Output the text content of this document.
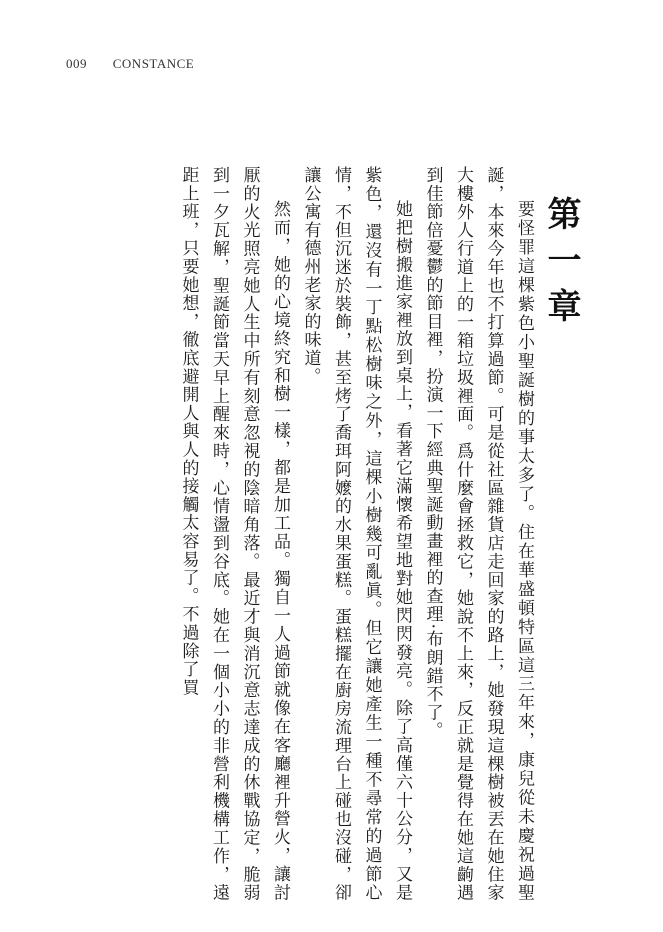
009 CONSTANCE
第一章

要怪罪這棵紫色小聖誕樹的事太多了。住在華盛頓特區這三年來，康兒從未慶祝過聖誕，本來今年也不打算過節。可是從社區雜貨店走回家的路上，她發現這棵樹被丟在她住家大樓外人行道上的一箱垃圾裡面。爲什麼會拯救它，她說不上來，反正就是覺得在她這齣遇到佳節倍憂鬱的節目裡，扮演一下經典聖誕動畫裡的查理·布朗錯不了。

她把樹搬進家裡放到桌上，看著它滿懷希望地對她閃閃發亮。除了高僅六十公分，又是紫色，還沒有一丁點松樹味之外，這棵小樹幾可亂眞。但它讓她產生一種不尋常的過節心情，不但沉迷於裝飾，甚至烤了喬珥阿嬤的水果蛋糕。蛋糕擺在廚房流理台上碰也沒碰，卻讓公寓有德州老家的味道。

然而，她的心境終究和樹一樣，都是加工品。獨自一人過節就像在客廳裡升營火，讓討厭的火光照亮她人生中所有刻意忽視的陰暗角落。最近才與消沉意志達成的休戰協定，脆弱到一夕瓦解，聖誕節當天早上醒來時，心情盪到谷底。她在一個小小的非營利機構工作，遠距上班，只要她想，徹底避開人與人的接觸太容易了。不過除了買
